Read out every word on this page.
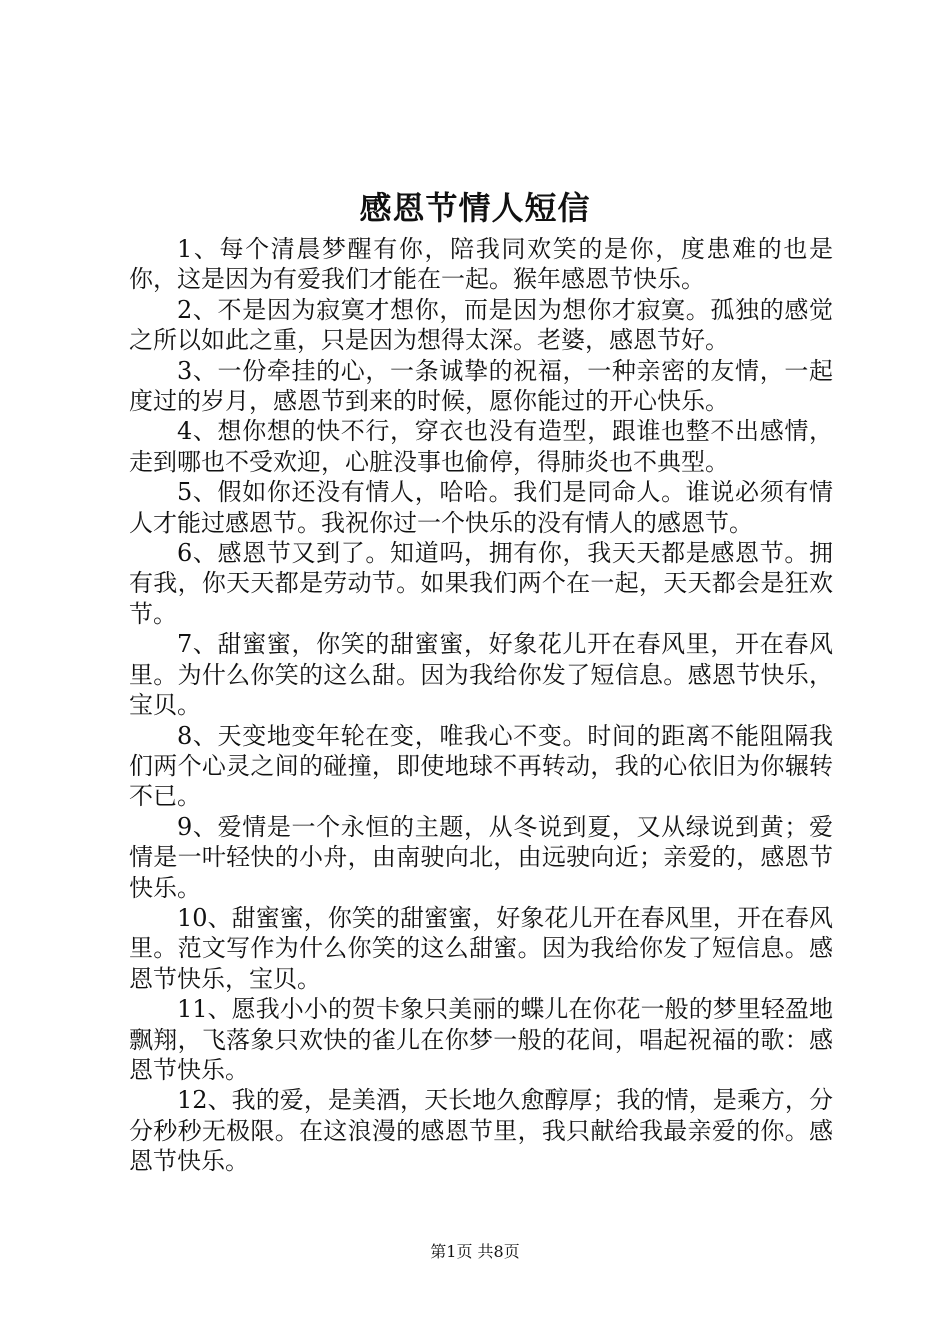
感恩节情人短信

1、每个清晨梦醒有你，陪我同欢笑的是你，度患难的也是你，这是因为有爱我们才能在一起。猴年感恩节快乐。

2、不是因为寂寞才想你，而是因为想你才寂寞。孤独的感觉之所以如此之重，只是因为想得太深。老婆，感恩节好。

3、一份牵挂的心，一条诚挚的祝福，一种亲密的友情，一起度过的岁月，感恩节到来的时候，愿你能过的开心快乐。

4、想你想的快不行，穿衣也没有造型，跟谁也整不出感情，走到哪也不受欢迎，心脏没事也偷停，得肺炎也不典型。

5、假如你还没有情人，哈哈。我们是同命人。谁说必须有情人才能过感恩节。我祝你过一个快乐的没有情人的感恩节。

6、感恩节又到了。知道吗，拥有你，我天天都是感恩节。拥有我，你天天都是劳动节。如果我们两个在一起，天天都会是狂欢节。

7、甜蜜蜜，你笑的甜蜜蜜，好象花儿开在春风里，开在春风里。为什么你笑的这么甜。因为我给你发了短信息。感恩节快乐，宝贝。

8、天变地变年轮在变，唯我心不变。时间的距离不能阻隔我们两个心灵之间的碰撞，即使地球不再转动，我的心依旧为你辗转不已。

9、爱情是一个永恒的主题，从冬说到夏，又从绿说到黄；爱情是一叶轻快的小舟，由南驶向北，由远驶向近；亲爱的，感恩节快乐。

10、甜蜜蜜，你笑的甜蜜蜜，好象花儿开在春风里，开在春风里。范文写作为什么你笑的这么甜蜜。因为我给你发了短信息。感恩节快乐，宝贝。

11、愿我小小的贺卡象只美丽的蝶儿在你花一般的梦里轻盈地飘翔，飞落象只欢快的雀儿在你梦一般的花间，唱起祝福的歌：感恩节快乐。

12、我的爱，是美酒，天长地久愈醇厚；我的情，是乘方，分分秒秒无极限。在这浪漫的感恩节里，我只献给我最亲爱的你。感恩节快乐。

第1页 共8页
